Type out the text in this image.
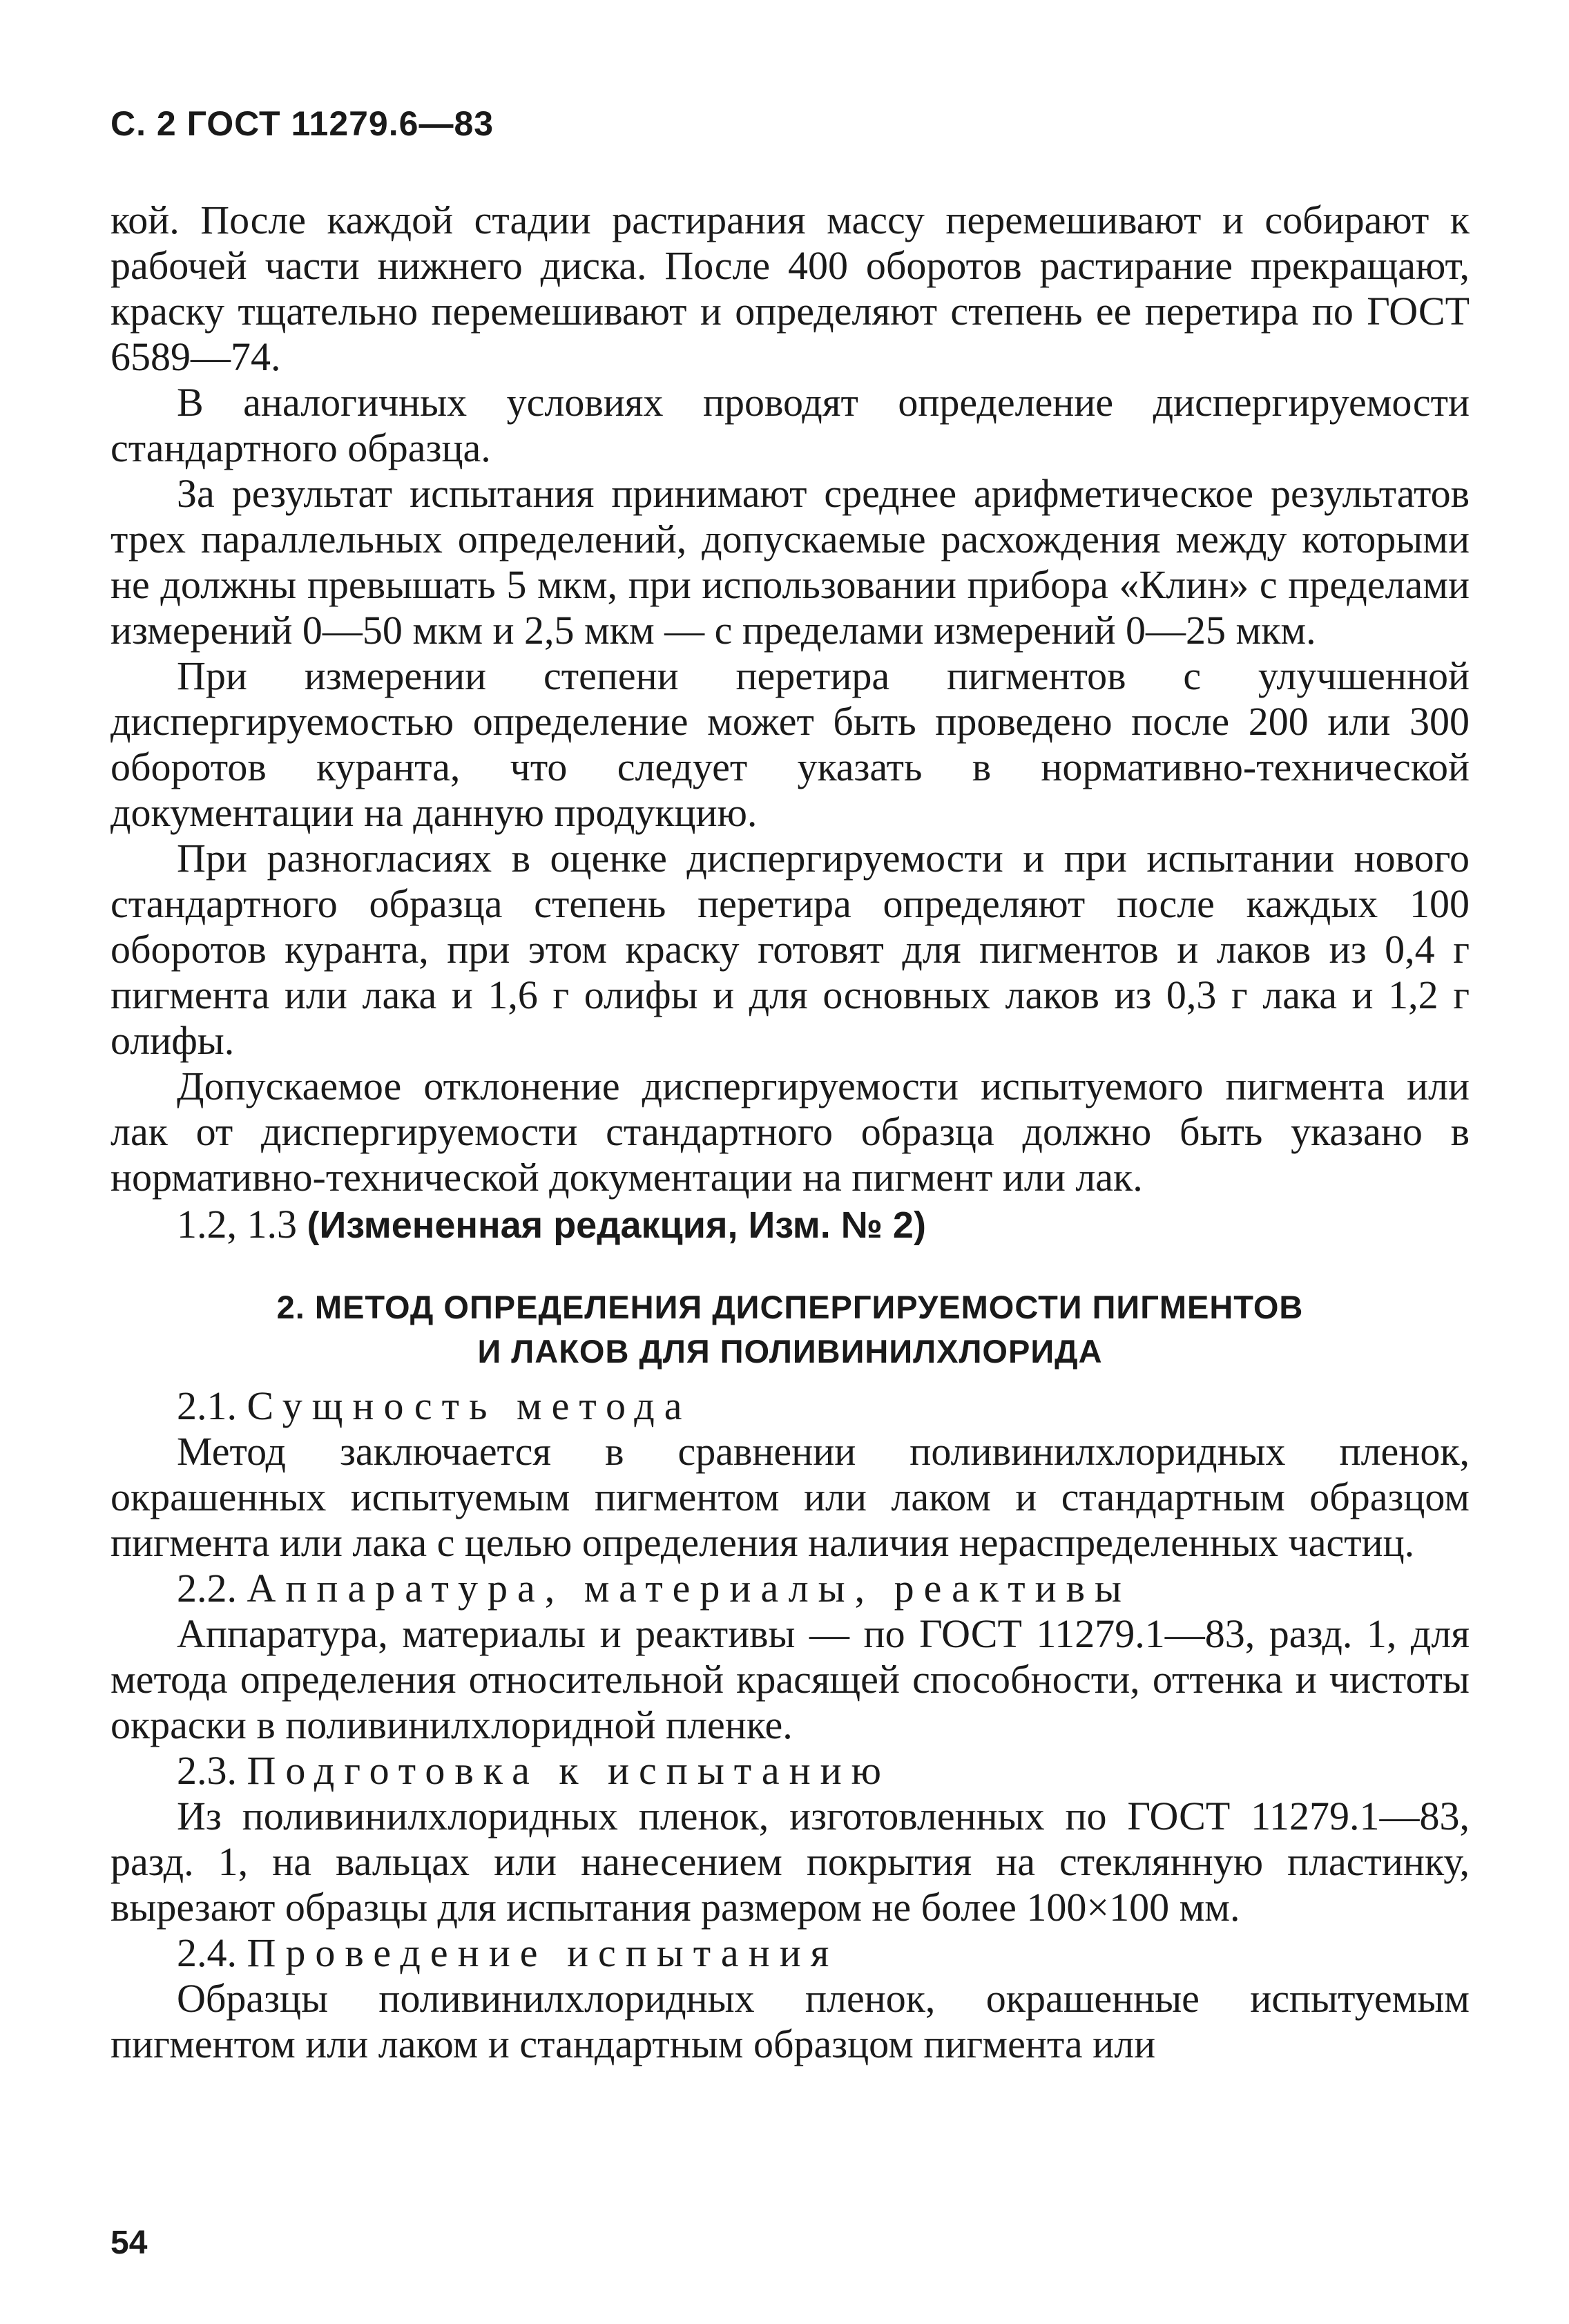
С. 2 ГОСТ 11279.6—83

кой. После каждой стадии растирания массу перемешивают и собирают к рабочей части нижнего диска. После 400 оборотов растирание прекращают, краску тщательно перемешивают и определяют степень ее перетира по ГОСТ 6589—74.

В аналогичных условиях проводят определение диспергируемости стандартного образца.

За результат испытания принимают среднее арифметическое результатов трех параллельных определений, допускаемые расхождения между которыми не должны превышать 5 мкм, при использовании прибора «Клин» с пределами измерений 0—50 мкм и 2,5 мкм — с пределами измерений 0—25 мкм.

При измерении степени перетира пигментов с улучшенной диспергируемостью определение может быть проведено после 200 или 300 оборотов куранта, что следует указать в нормативно-технической документации на данную продукцию.

При разногласиях в оценке диспергируемости и при испытании нового стандартного образца степень перетира определяют после каждых 100 оборотов куранта, при этом краску готовят для пигментов и лаков из 0,4 г пигмента или лака и 1,6 г олифы и для основных лаков из 0,3 г лака и 1,2 г олифы.

Допускаемое отклонение диспергируемости испытуемого пигмента или лак от диспергируемости стандартного образца должно быть указано в нормативно-технической документации на пигмент или лак.

1.2, 1.3 (Измененная редакция, Изм. № 2)
2. МЕТОД ОПРЕДЕЛЕНИЯ ДИСПЕРГИРУЕМОСТИ ПИГМЕНТОВ
И ЛАКОВ ДЛЯ ПОЛИВИНИЛХЛОРИДА
2.1. Сущность метода

Метод заключается в сравнении поливинилхлоридных пленок, окрашенных испытуемым пигментом или лаком и стандартным образцом пигмента или лака с целью определения наличия нераспределенных частиц.

2.2. Аппаратура, материалы, реактивы

Аппаратура, материалы и реактивы — по ГОСТ 11279.1—83, разд. 1, для метода определения относительной красящей способности, оттенка и чистоты окраски в поливинилхлоридной пленке.

2.3. Подготовка к испытанию

Из поливинилхлоридных пленок, изготовленных по ГОСТ 11279.1—83, разд. 1, на вальцах или нанесением покрытия на стеклянную пластинку, вырезают образцы для испытания размером не более 100×100 мм.

2.4. Проведение испытания

Образцы поливинилхлоридных пленок, окрашенные испытуемым пигментом или лаком и стандартным образцом пигмента или

54
